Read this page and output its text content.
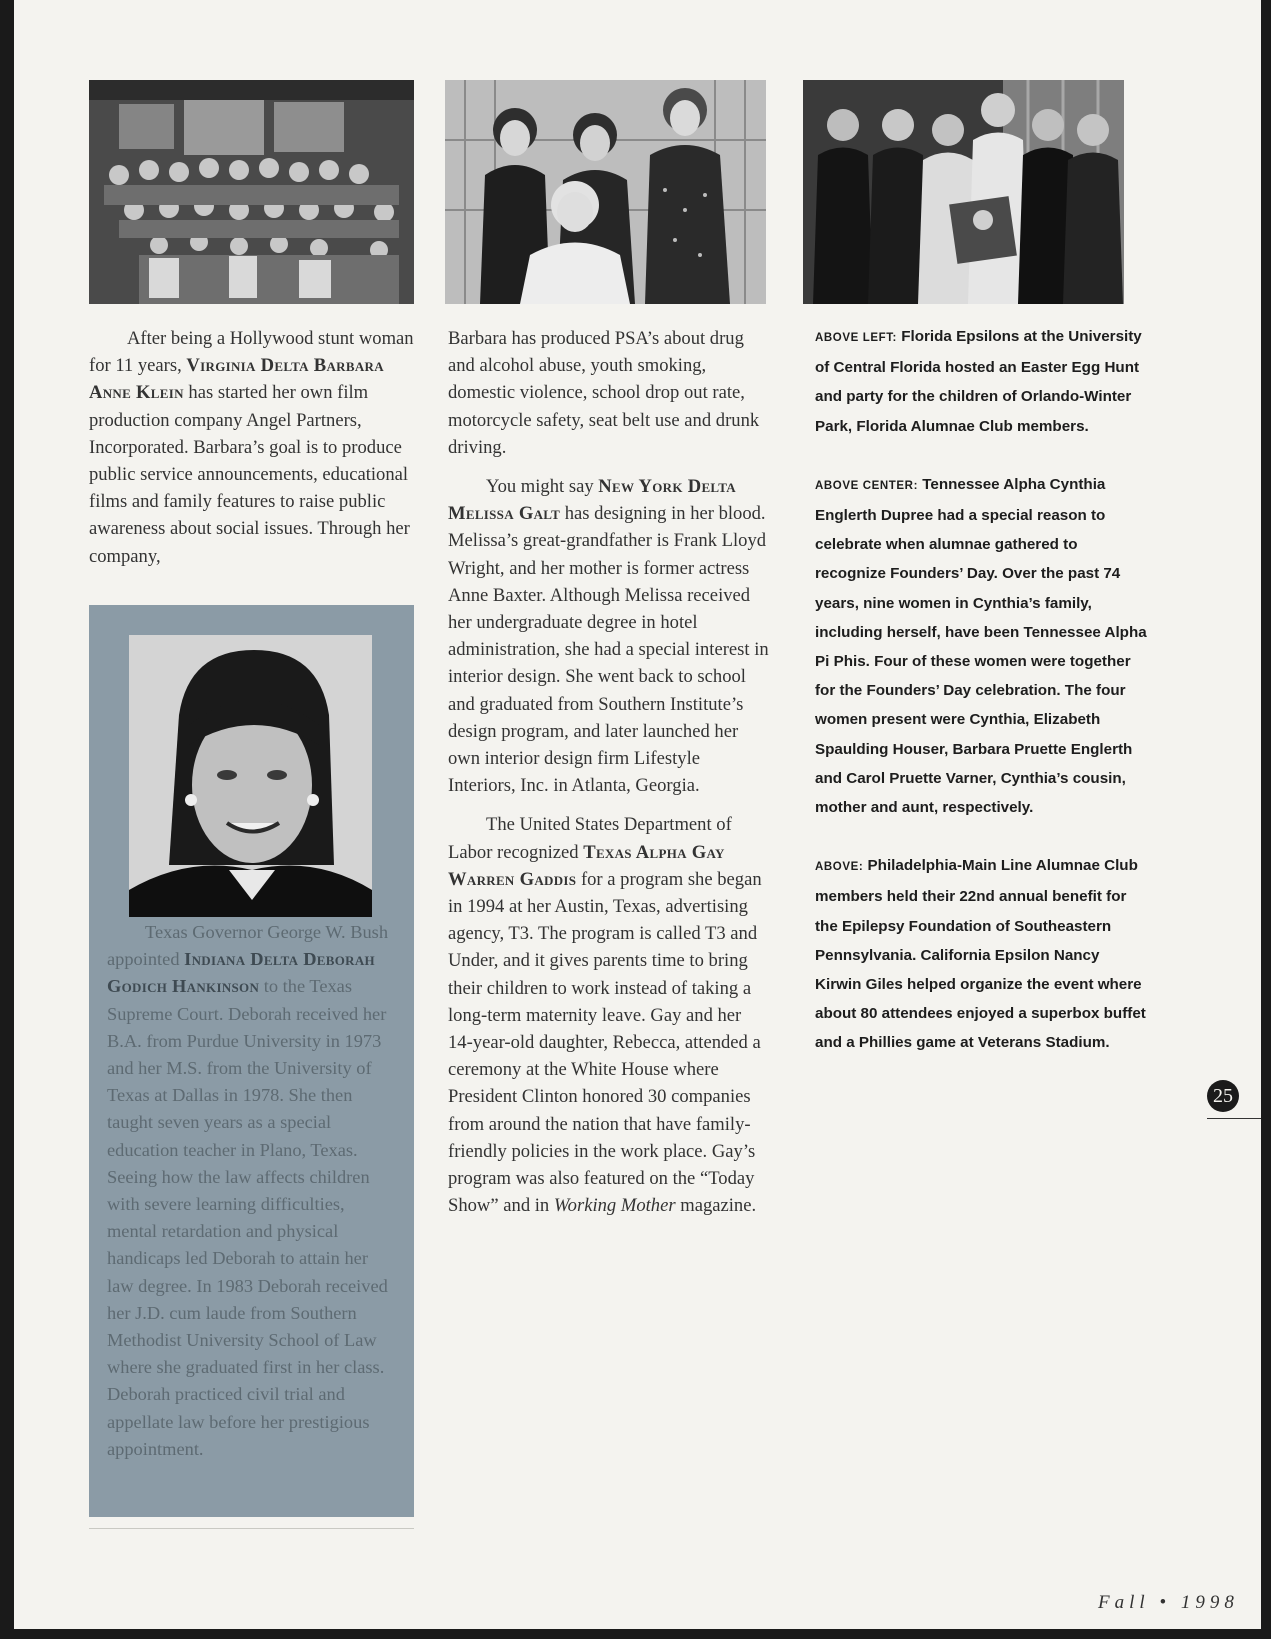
After being a Hollywood stunt woman for 11 years, Virginia Delta Barbara Anne Klein has started her own film production company Angel Partners, Incorporated. Barbara’s goal is to produce public service announcements, educational films and family features to raise public awareness about social issues. Through her company,

Texas Governor George W. Bush appointed Indiana Delta Deborah Godich Hankinson to the Texas Supreme Court. Deborah received her B.A. from Purdue University in 1973 and her M.S. from the University of Texas at Dallas in 1978. She then taught seven years as a special education teacher in Plano, Texas. Seeing how the law affects children with severe learning difficulties, mental retardation and physical handicaps led Deborah to attain her law degree. In 1983 Deborah received her J.D. cum laude from Southern Methodist University School of Law where she graduated first in her class. Deborah practiced civil trial and appellate law before her prestigious appointment.

Barbara has produced PSA’s about drug and alcohol abuse, youth smoking, domestic violence, school drop out rate, motorcycle safety, seat belt use and drunk driving.

You might say New York Delta Melissa Galt has designing in her blood. Melissa’s great-grandfather is Frank Lloyd Wright, and her mother is former actress Anne Baxter. Although Melissa received her undergraduate degree in hotel administration, she had a special interest in interior design. She went back to school and graduated from Southern Institute’s design program, and later launched her own interior design firm Lifestyle Interiors, Inc. in Atlanta, Georgia.

The United States Department of Labor recognized Texas Alpha Gay Warren Gaddis for a program she began in 1994 at her Austin, Texas, advertising agency, T3. The program is called T3 and Under, and it gives parents time to bring their children to work instead of taking a long-term maternity leave. Gay and her 14-year-old daughter, Rebecca, attended a ceremony at the White House where President Clinton honored 30 companies from around the nation that have family-friendly policies in the work place. Gay’s program was also featured on the “Today Show” and in Working Mother magazine.

ABOVE LEFT: Florida Epsilons at the University of Central Florida hosted an Easter Egg Hunt and party for the children of Orlando-Winter Park, Florida Alumnae Club members.

ABOVE CENTER: Tennessee Alpha Cynthia Englerth Dupree had a special reason to celebrate when alumnae gathered to recognize Founders’ Day. Over the past 74 years, nine women in Cynthia’s family, including herself, have been Tennessee Alpha Pi Phis. Four of these women were together for the Founders’ Day celebration. The four women present were Cynthia, Elizabeth Spaulding Houser, Barbara Pruette Englerth and Carol Pruette Varner, Cynthia’s cousin, mother and aunt, respectively.

ABOVE: Philadelphia-Main Line Alumnae Club members held their 22nd annual benefit for the Epilepsy Foundation of Southeastern Pennsylvania. California Epsilon Nancy Kirwin Giles helped organize the event where about 80 attendees enjoyed a superbox buffet and a Phillies game at Veterans Stadium.

25
Fall • 1998
